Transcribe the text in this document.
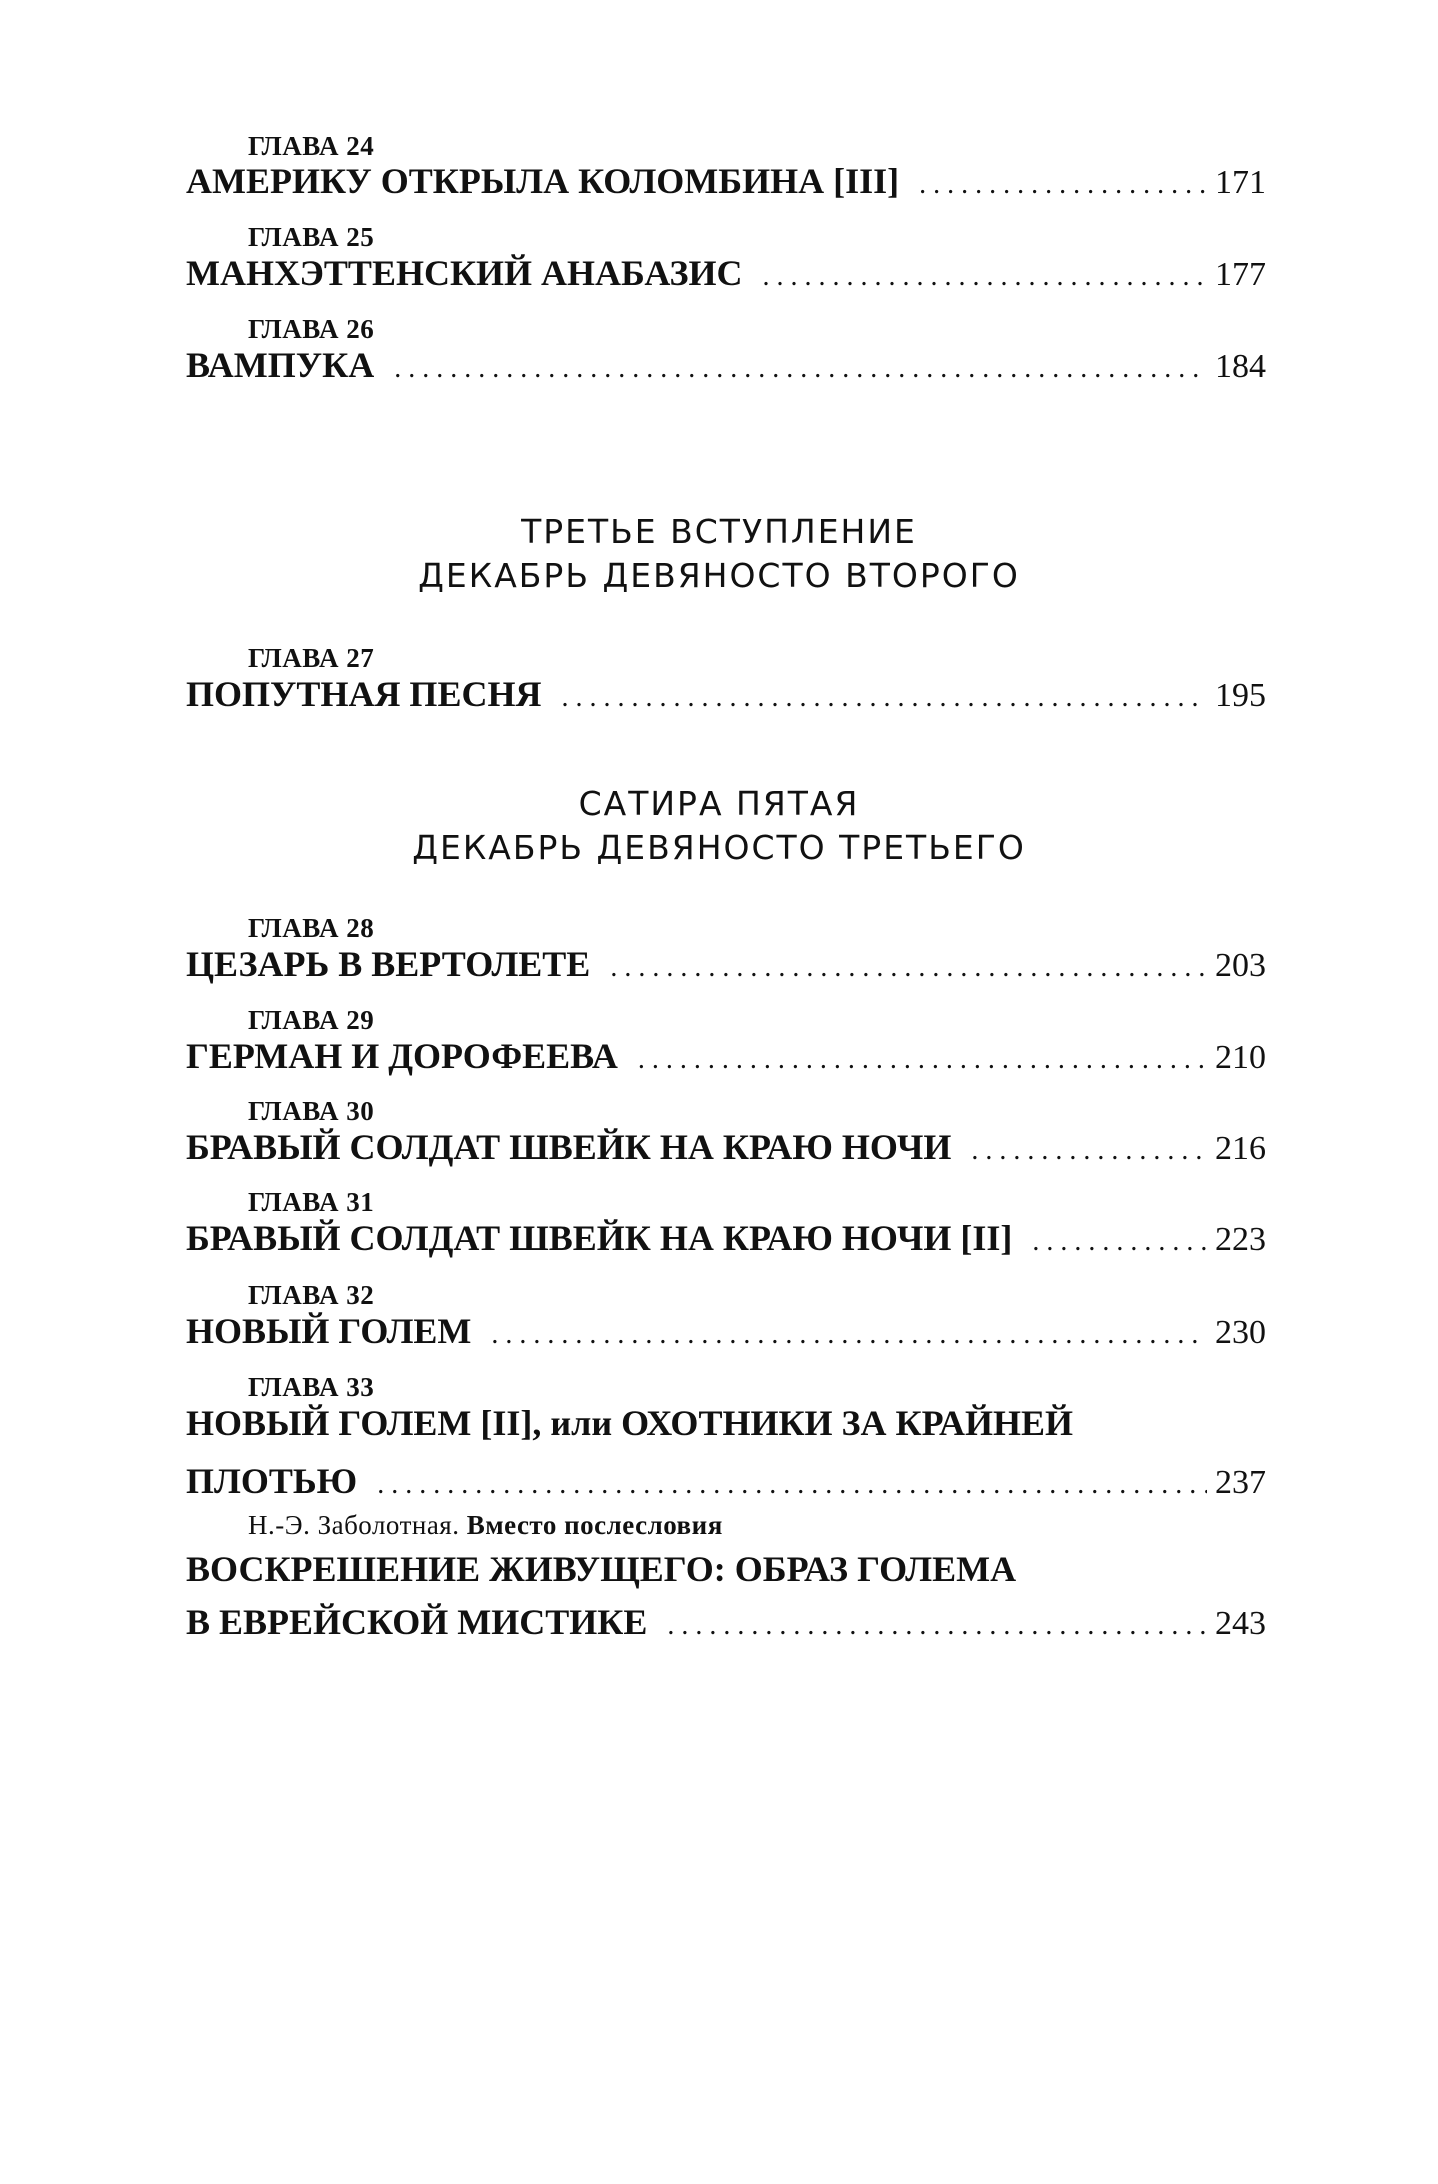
ГЛАВА 24
АМЕРИКУ ОТКРЫЛА КОЛОМБИНА [III] . . .	171
ГЛАВА 25
МАНХЭТТЕНСКИЙ АНАБАЗИС . . .	177
ГЛАВА 26
ВАМПУКА . . .	184
ТРЕТЬЕ ВСТУПЛЕНИЕ
ДЕКАБРЬ ДЕВЯНОСТО ВТОРОГО
ГЛАВА 27
ПОПУТНАЯ ПЕСНЯ . . .	195
САТИРА ПЯТАЯ
ДЕКАБРЬ ДЕВЯНОСТО ТРЕТЬЕГО
ГЛАВА 28
ЦЕЗАРЬ В ВЕРТОЛЕТЕ . . .	203
ГЛАВА 29
ГЕРМАН И ДОРОФЕЕВА . . .	210
ГЛАВА 30
БРАВЫЙ СОЛДАТ ШВЕЙК НА КРАЮ НОЧИ . . .	216
ГЛАВА 31
БРАВЫЙ СОЛДАТ ШВЕЙК НА КРАЮ НОЧИ [II] . . .	223
ГЛАВА 32
НОВЫЙ ГОЛЕМ . . .	230
ГЛАВА 33
НОВЫЙ ГОЛЕМ [II], или ОХОТНИКИ ЗА КРАЙНЕЙ
ПЛОТЬЮ . . .	237
Н.-Э. Заболотная. Вместо послесловия
ВОСКРЕШЕНИЕ ЖИВУЩЕГО: ОБРАЗ ГОЛЕМА
В ЕВРЕЙСКОЙ МИСТИКЕ . . .	243
